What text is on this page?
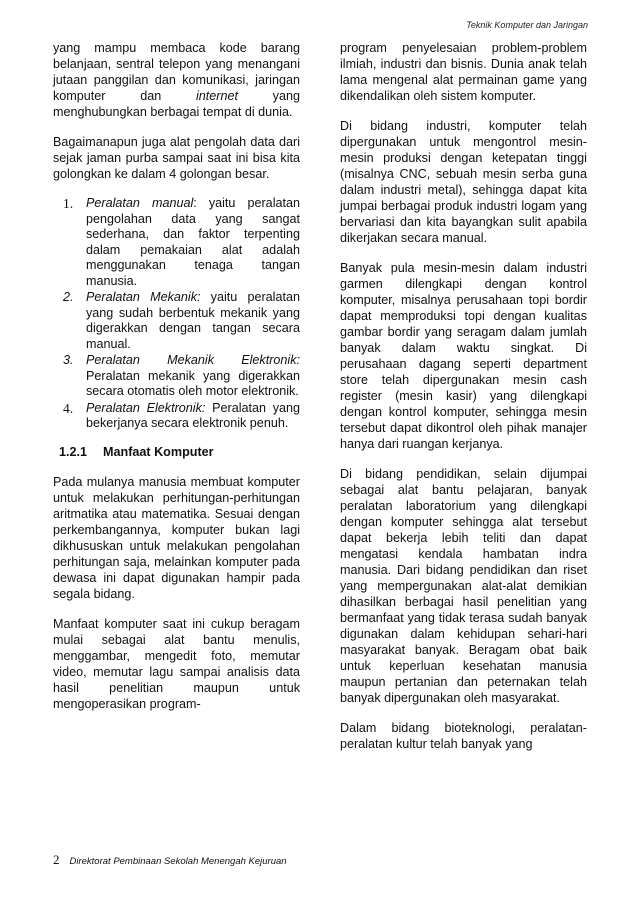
Teknik Komputer dan Jaringan

yang mampu membaca kode barang belanjaan, sentral telepon yang menangani jutaan panggilan dan komunikasi, jaringan komputer dan internet yang menghubungkan berbagai tempat di dunia.

Bagaimanapun juga alat pengolah data dari sejak jaman purba sampai saat ini bisa kita golongkan ke dalam 4 golongan besar.

1. Peralatan manual: yaitu peralatan pengolahan data yang sangat sederhana, dan faktor terpenting dalam pemakaian alat adalah menggunakan tenaga tangan manusia.
2. Peralatan Mekanik: yaitu peralatan yang sudah berbentuk mekanik yang digerakkan dengan tangan secara manual.
3. Peralatan Mekanik Elektronik: Peralatan mekanik yang digerakkan secara otomatis oleh motor elektronik.
4. Peralatan Elektronik: Peralatan yang bekerjanya secara elektronik penuh.
1.2.1	Manfaat Komputer

Pada mulanya manusia membuat komputer untuk melakukan perhitungan-perhitungan aritmatika atau matematika. Sesuai dengan perkembangannya, komputer bukan lagi dikhususkan untuk melakukan pengolahan perhitungan saja, melainkan komputer pada dewasa ini dapat digunakan hampir pada segala bidang.

Manfaat komputer saat ini cukup beragam mulai sebagai alat bantu menulis, menggambar, mengedit foto, memutar video, memutar lagu sampai analisis data hasil penelitian maupun untuk mengoperasikan program-

program penyelesaian problem-problem ilmiah, industri dan bisnis. Dunia anak telah lama mengenal alat permainan game yang dikendalikan oleh sistem komputer.

Di bidang industri, komputer telah dipergunakan untuk mengontrol mesin-mesin produksi dengan ketepatan tinggi (misalnya CNC, sebuah mesin serba guna dalam industri metal), sehingga dapat kita jumpai berbagai produk industri logam yang bervariasi dan kita bayangkan sulit apabila dikerjakan secara manual.

Banyak pula mesin-mesin dalam industri garmen dilengkapi dengan kontrol komputer, misalnya perusahaan topi bordir dapat memproduksi topi dengan kualitas gambar bordir yang seragam dalam jumlah banyak dalam waktu singkat. Di perusahaan dagang seperti department store telah dipergunakan mesin cash register (mesin kasir) yang dilengkapi dengan kontrol komputer, sehingga mesin tersebut dapat dikontrol oleh pihak manajer hanya dari ruangan kerjanya.

Di bidang pendidikan, selain dijumpai sebagai alat bantu pelajaran, banyak peralatan laboratorium yang dilengkapi dengan komputer sehingga alat tersebut dapat bekerja lebih teliti dan dapat mengatasi kendala hambatan indra manusia. Dari bidang pendidikan dan riset yang mempergunakan alat-alat demikian dihasilkan berbagai hasil penelitian yang bermanfaat yang tidak terasa sudah banyak digunakan dalam kehidupan sehari-hari masyarakat banyak. Beragam obat baik untuk keperluan kesehatan manusia maupun pertanian dan peternakan telah banyak dipergunakan oleh masyarakat.

Dalam bidang bioteknologi, peralatan-peralatan kultur telah banyak yang

2 Direktorat Pembinaan Sekolah Menengah Kejuruan
